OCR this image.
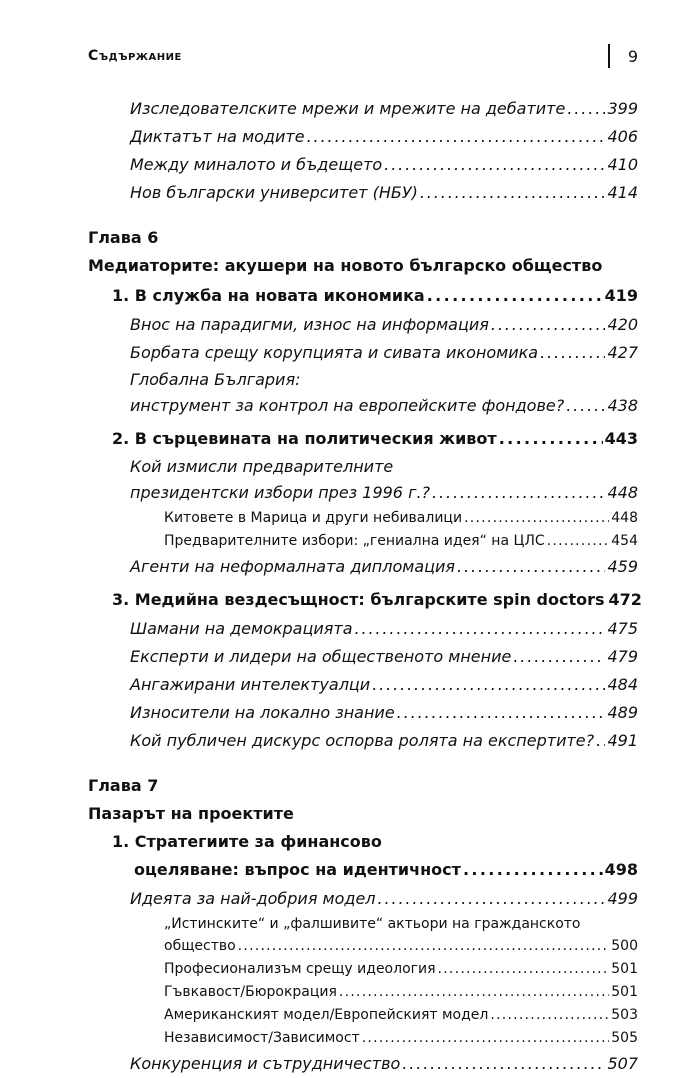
Съдържание	9
Изследователските мрежи и мрежите на дебатите . . .	399
Диктатът на модите . . .	406
Между миналото и бъдещето . . .	410
Нов български университет (НБУ) . . .	414
Глава 6
Медиаторите: акушери на новото българско общество
1. В служба на новата икономика . . .	419
Внос на парадигми, износ на информация . . .	420
Борбата срещу корупцията и сивата икономика . . .	427
Глобална България:
инструмент за контрол на европейските фондове? . . .	438
2. В сърцевината на политическия живот . . .	443
Кой измисли предварителните
президентски избори през 1996 г.? . . .	448
Китовете в Марица и други небивалици . . .	448
Предварителните избори: „гениална идея“ на ЦЛС . . .	454
Агенти на неформалната дипломация . . .	459
3. Медийна вездесъщност: българските spin doctors 472
Шамани на демокрацията . . .	475
Експерти и лидери на общественото мнение . . .	479
Ангажирани интелектуалци . . .	484
Износители на локално знание . . .	489
Кой публичен дискурс оспорва ролята на експертите? . . . 491
Глава 7
Пазарът на проектите
1. Стратегиите за финансово
оцеляване: въпрос на идентичност . . .	498
Идеята за най-добрия модел . . .	499
„Истинските“ и „фалшивите“ актьори на гражданското
общество . . .	500
Професионализъм срещу идеология . . .	501
Гъвкавост/Бюрокрация . . .	501
Американският модел/Европейският модел . . .	503
Независимост/Зависимост . . .	505
Конкуренция и сътрудничество . . .	507
